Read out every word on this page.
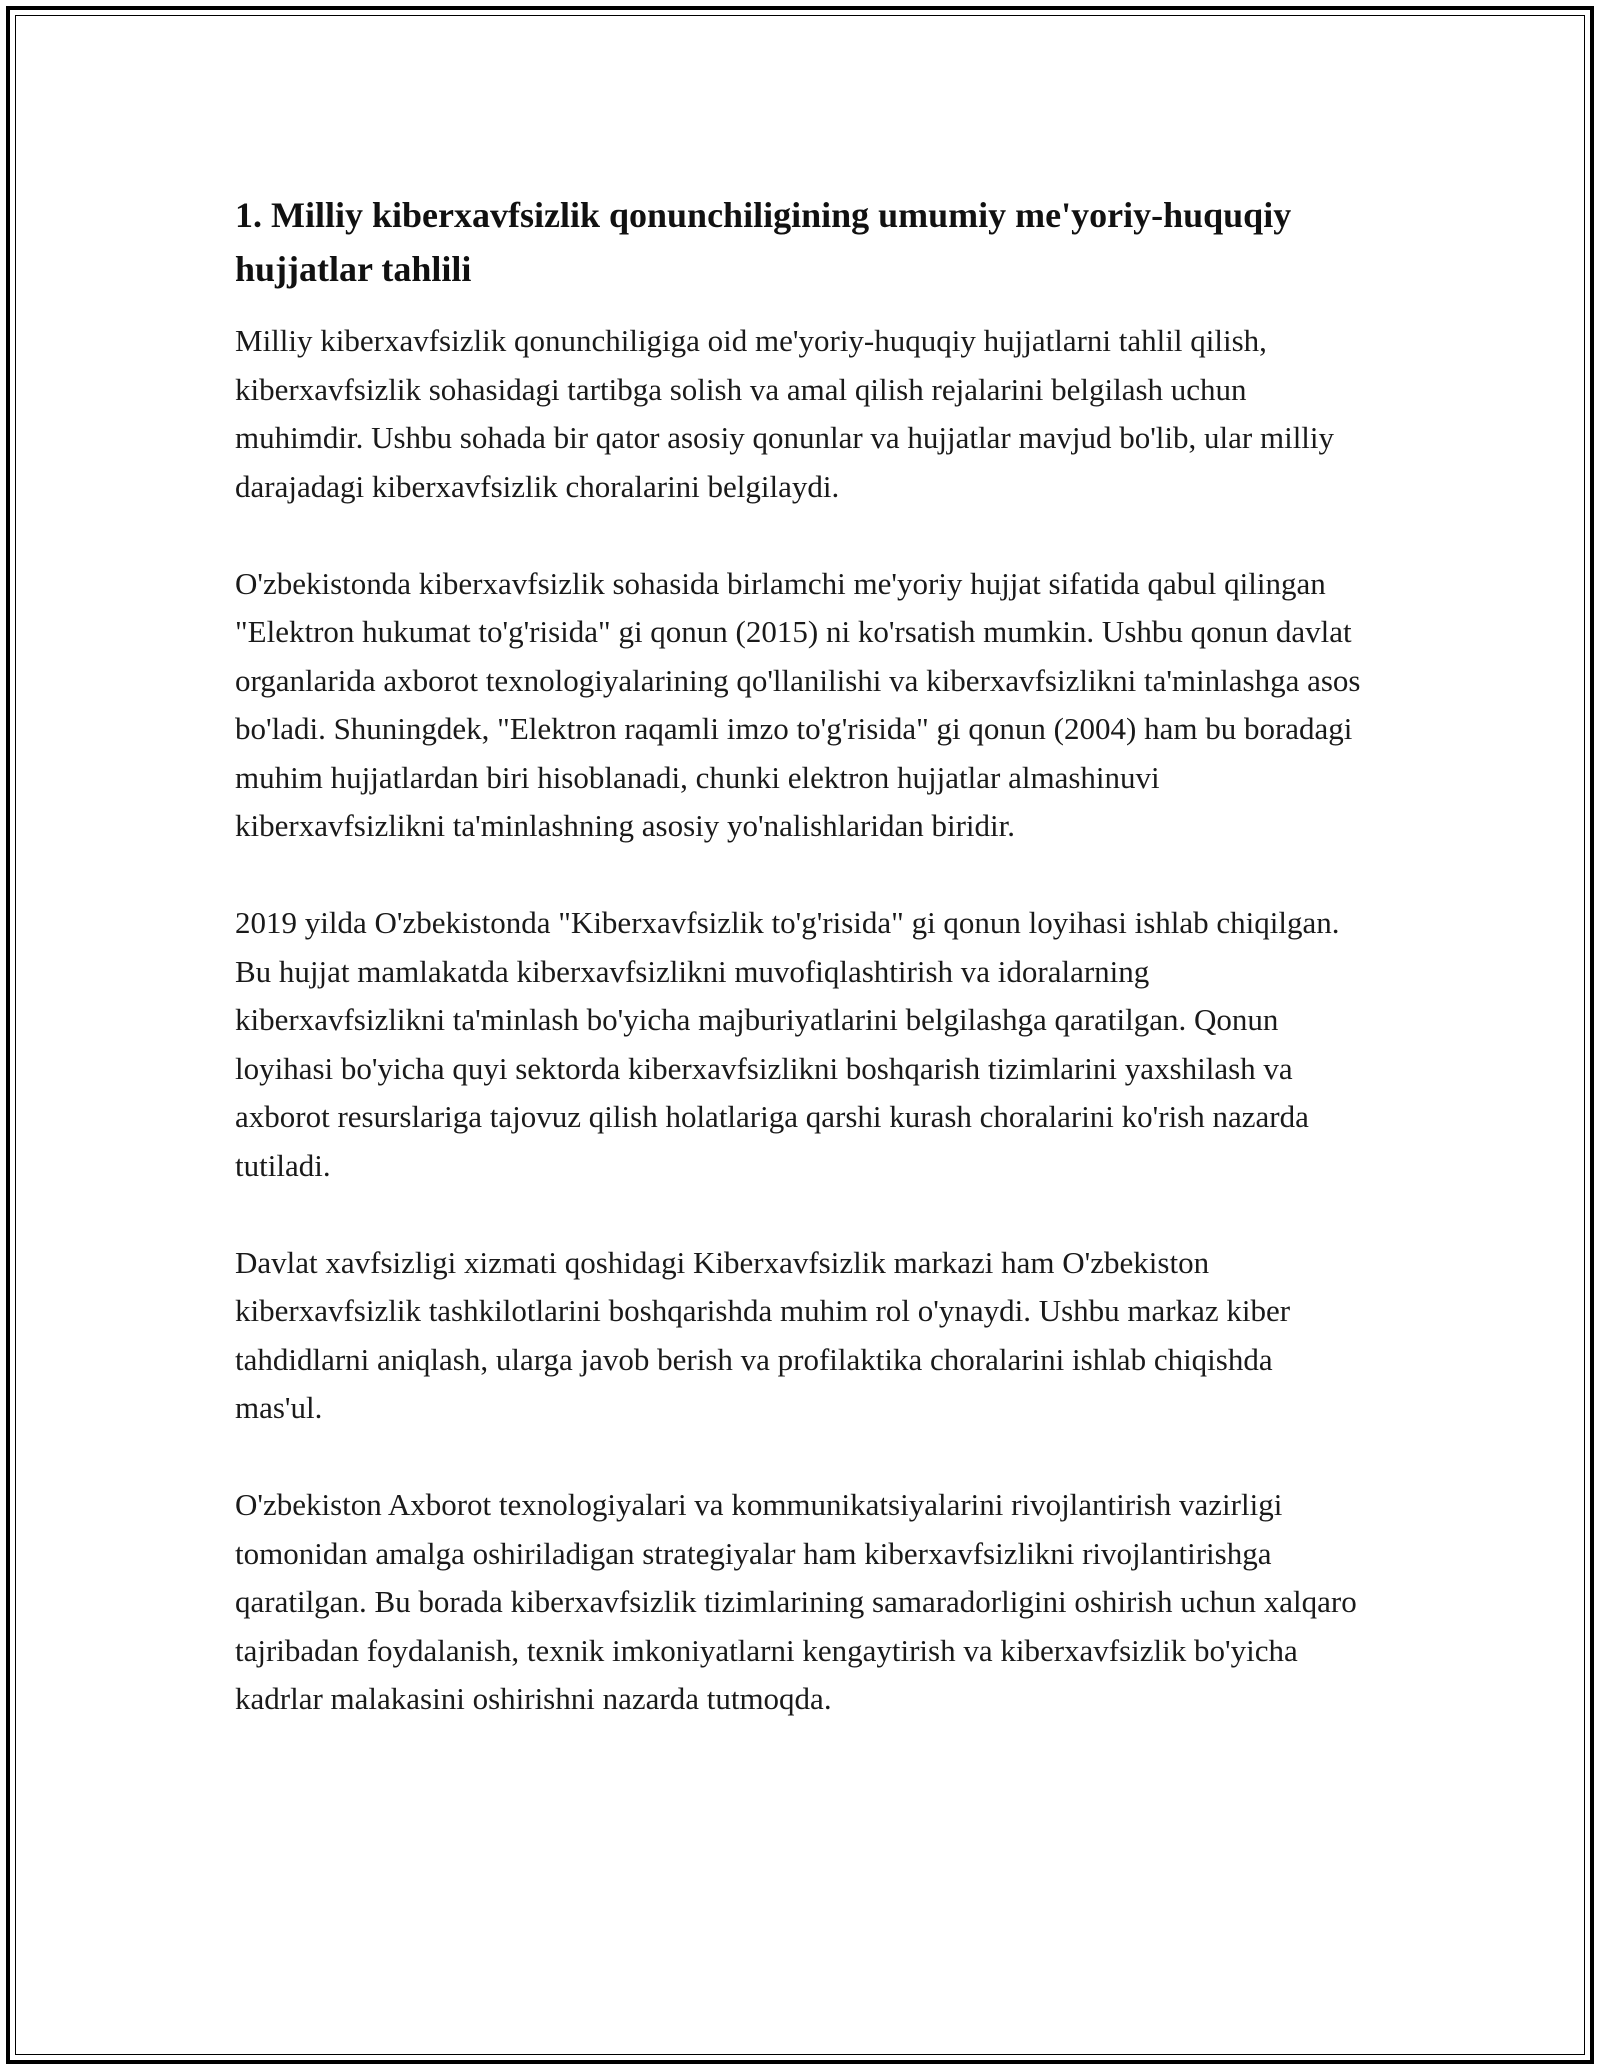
1. Milliy kiberxavfsizlik qonunchiligining umumiy me'yoriy-huquqiy hujjatlar tahlili

Milliy kiberxavfsizlik qonunchiligiga oid me'yoriy-huquqiy hujjatlarni tahlil qilish, kiberxavfsizlik sohasidagi tartibga solish va amal qilish rejalarini belgilash uchun muhimdir. Ushbu sohada bir qator asosiy qonunlar va hujjatlar mavjud bo'lib, ular milliy darajadagi kiberxavfsizlik choralarini belgilaydi.

O'zbekistonda kiberxavfsizlik sohasida birlamchi me'yoriy hujjat sifatida qabul qilingan "Elektron hukumat to'g'risida" gi qonun (2015) ni ko'rsatish mumkin. Ushbu qonun davlat organlarida axborot texnologiyalarining qo'llanilishi va kiberxavfsizlikni ta'minlashga asos bo'ladi. Shuningdek, "Elektron raqamli imzo to'g'risida" gi qonun (2004) ham bu boradagi muhim hujjatlardan biri hisoblanadi, chunki elektron hujjatlar almashinuvi kiberxavfsizlikni ta'minlashning asosiy yo'nalishlaridan biridir.

2019 yilda O'zbekistonda "Kiberxavfsizlik to'g'risida" gi qonun loyihasi ishlab chiqilgan. Bu hujjat mamlakatda kiberxavfsizlikni muvofiqlashtirish va idoralarning kiberxavfsizlikni ta'minlash bo'yicha majburiyatlarini belgilashga qaratilgan. Qonun loyihasi bo'yicha quyi sektorda kiberxavfsizlikni boshqarish tizimlarini yaxshilash va axborot resurslariga tajovuz qilish holatlariga qarshi kurash choralarini ko'rish nazarda tutiladi.

Davlat xavfsizligi xizmati qoshidagi Kiberxavfsizlik markazi ham O'zbekiston kiberxavfsizlik tashkilotlarini boshqarishda muhim rol o'ynaydi. Ushbu markaz kiber tahdidlarni aniqlash, ularga javob berish va profilaktika choralarini ishlab chiqishda mas'ul.

O'zbekiston Axborot texnologiyalari va kommunikatsiyalarini rivojlantirish vazirligi tomonidan amalga oshiriladigan strategiyalar ham kiberxavfsizlikni rivojlantirishga qaratilgan. Bu borada kiberxavfsizlik tizimlarining samaradorligini oshirish uchun xalqaro tajribadan foydalanish, texnik imkoniyatlarni kengaytirish va kiberxavfsizlik bo'yicha kadrlar malakasini oshirishni nazarda tutmoqda.
